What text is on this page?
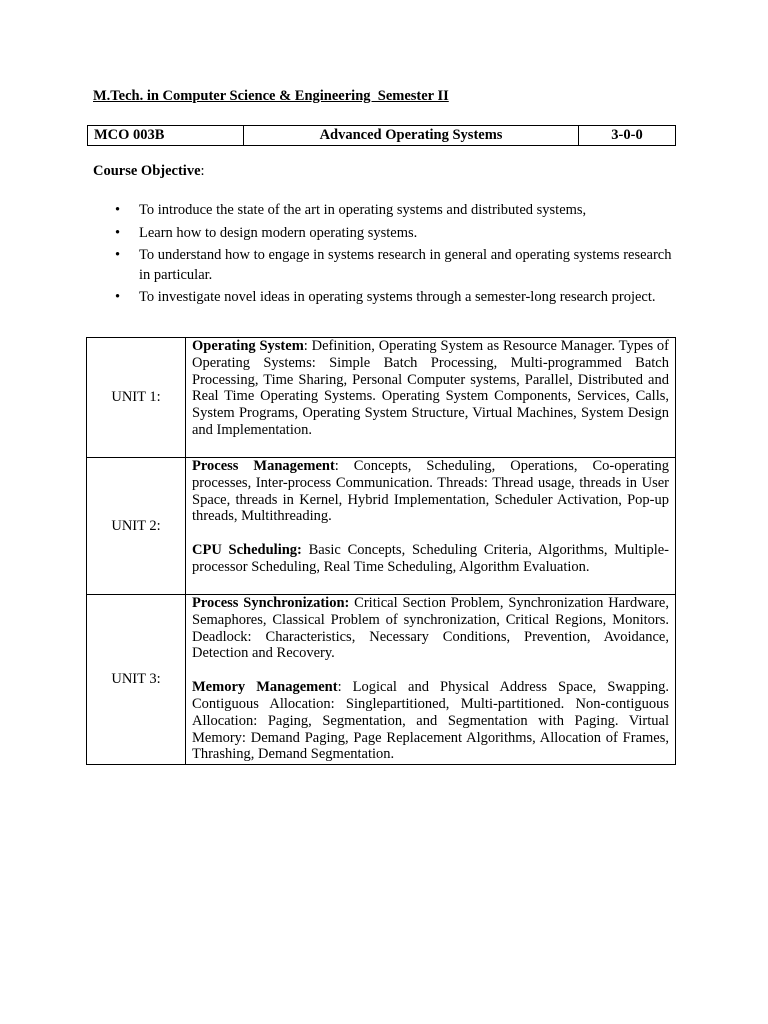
M.Tech. in Computer Science & Engineering  Semester II
MCO 003B	Advanced Operating Systems	3-0-0
Course Objective:
• To introduce the state of the art in operating systems and distributed systems,
• Learn how to design modern operating systems.
• To understand how to engage in systems research in general and operating systems research in particular.
• To investigate novel ideas in operating systems through a semester-long research project.
UNIT 1:	Operating System: Definition, Operating System as Resource Manager. Types of Operating Systems: Simple Batch Processing, Multi-programmed Batch Processing, Time Sharing, Personal Computer systems, Parallel, Distributed and Real Time Operating Systems. Operating System Components, Services, Calls, System Programs, Operating System Structure, Virtual Machines, System Design and Implementation.

UNIT 2:	Process Management: Concepts, Scheduling, Operations, Co-operating processes, Inter-process Communication. Threads: Thread usage, threads in User Space, threads in Kernel, Hybrid Implementation, Scheduler Activation, Pop-up threads, Multithreading.

CPU Scheduling: Basic Concepts, Scheduling Criteria, Algorithms, Multiple-processor Scheduling, Real Time Scheduling, Algorithm Evaluation.

UNIT 3:	Process Synchronization: Critical Section Problem, Synchronization Hardware, Semaphores, Classical Problem of synchronization, Critical Regions, Monitors. Deadlock: Characteristics, Necessary Conditions, Prevention, Avoidance, Detection and Recovery.

Memory Management: Logical and Physical Address Space, Swapping. Contiguous Allocation: Singlepartitioned, Multi-partitioned. Non-contiguous Allocation: Paging, Segmentation, and Segmentation with Paging. Virtual Memory: Demand Paging, Page Replacement Algorithms, Allocation of Frames, Thrashing, Demand Segmentation.
